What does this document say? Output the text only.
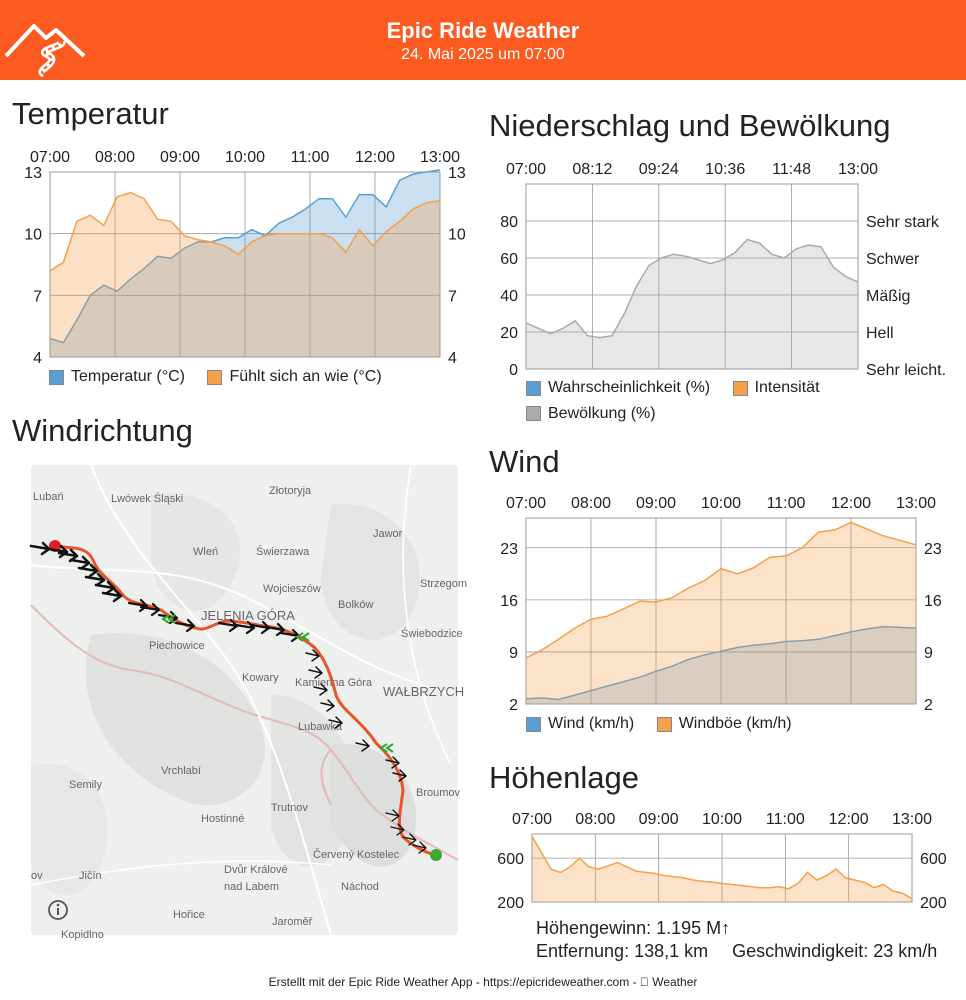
Epic Ride Weather
24. Mai 2025 um 07:00
Temperatur
07:00 08:00 09:00 10:00 11:00 12:00 13:00
4	4
7	7
10	10
13	13
Temperatur (°C)
	Fühlt sich an wie (°C)
Niederschlag und Bewölkung
07:00 08:12 09:24 10:36 11:48 13:00
0
20
40
60
80
Sehr leicht.
Hell
Mäßig
Schwer
Sehr stark
Wahrscheinlichkeit (%)
	Intensität

Bewölkung (%)
Windrichtung
Lubań	Lwówek Śląski
Złotoryja
Jawor
Wleń	Świerzawa
Wojcieszów
Bolków
Strzegom
JELENIA GÓRA
Świebodzice
Piechowice
Kowary Kamienna Góra
WAŁBRZYCH
Lubawka
Vrchlabí
Semily
Broumov
Trutnov
Hostinné
Červený Kostelec
Jičín	Dvůr Králové
nad Labem	Náchod
Hořice
Jaroměř
Kopidlno
ov
Wind
07:00 08:00 09:00 10:00 11:00 12:00 13:00
2	2
9	9
16	16
23	23
Wind (km/h)
	Windböe (km/h)
Höhenlage
07:00 08:00 09:00 10:00 11:00 12:00 13:00
200	200
600	600
Höhengewinn: 1.195 M↑
Entfernung: 138,1 km Geschwindigkeit: 23 km/h
Erstellt mit der Epic Ride Weather App - https://epicrideweather.com - Weather
